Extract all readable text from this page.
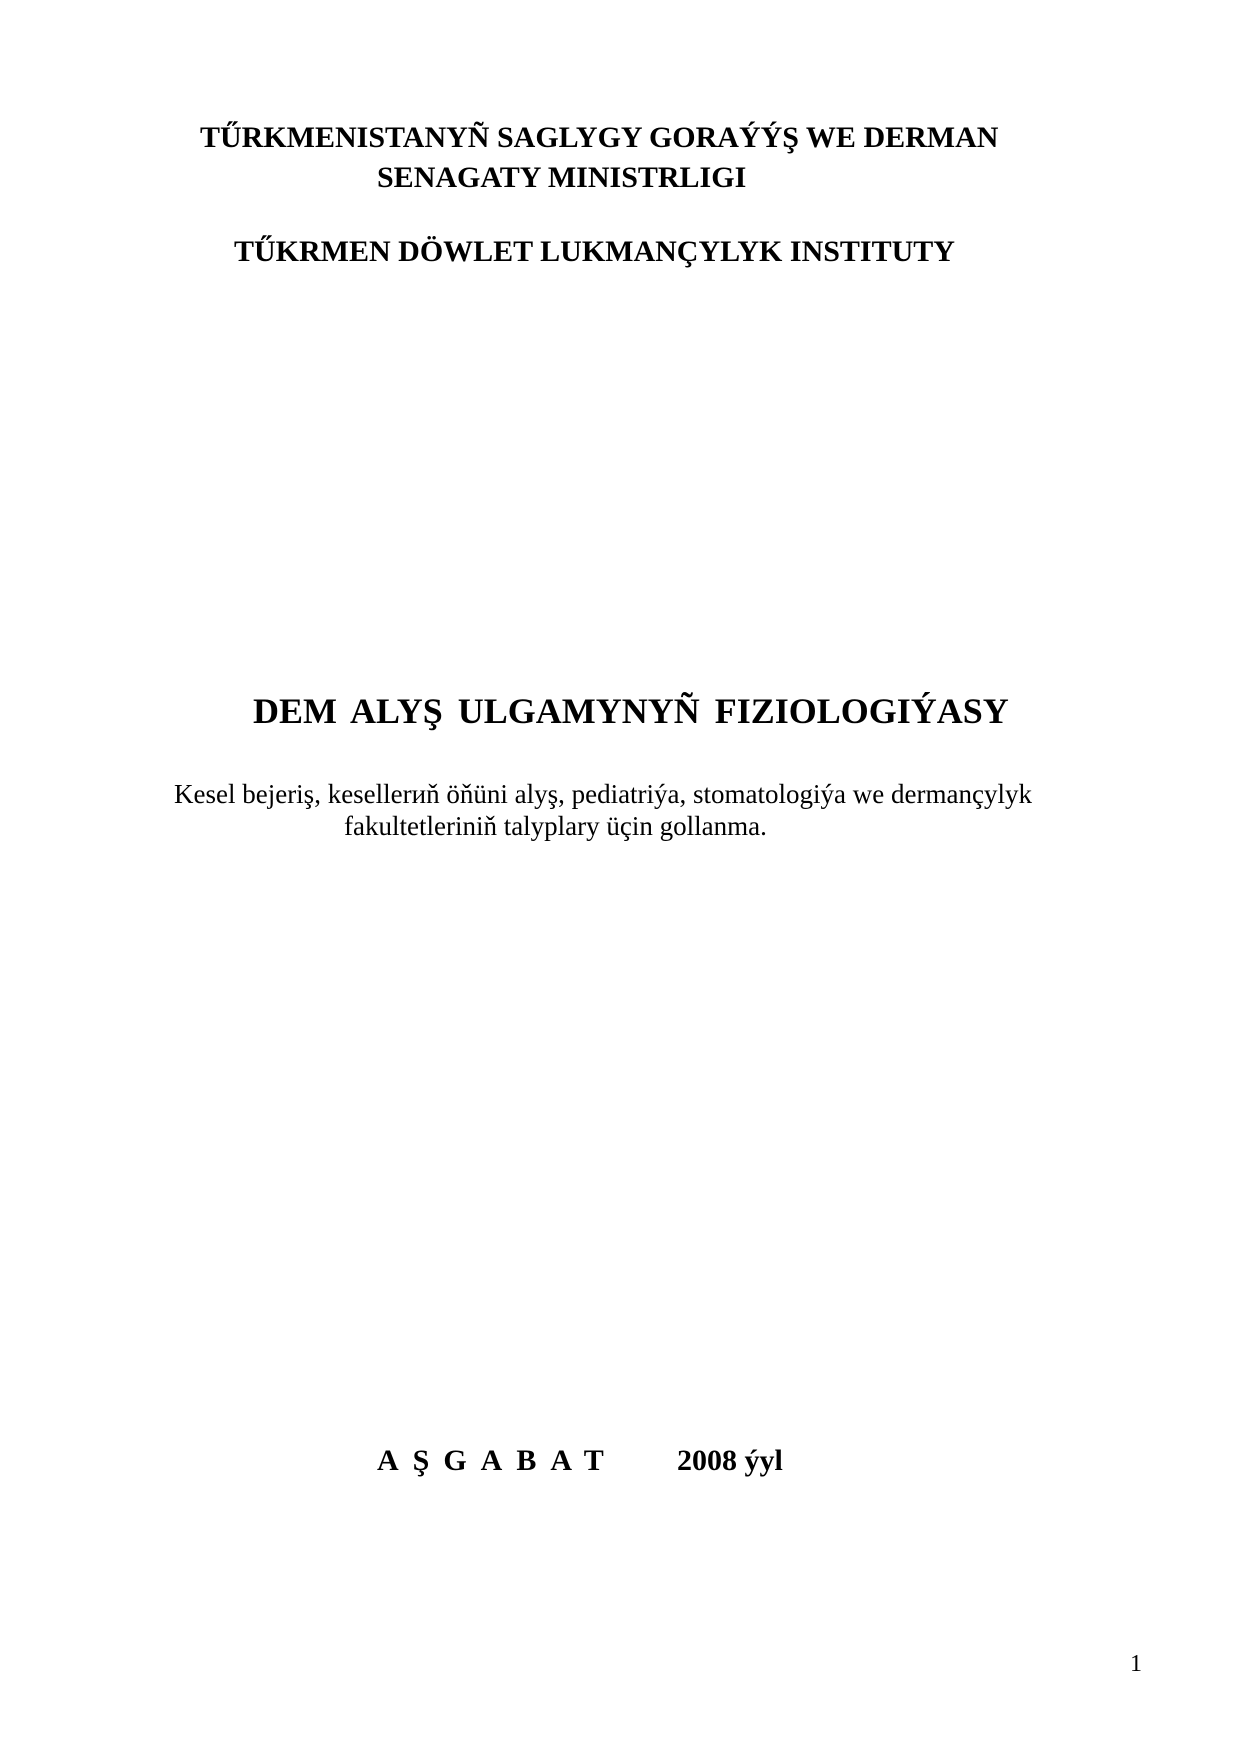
TŰRKMENISTANYÑ SAGLYGY GORAÝÝŞ WE DERMAN
SENAGATY MINISTRLIGI
TŰKRMEN DÖWLET LUKMANÇYLYK INSTITUTY
DEM ALYŞ ULGAMYNYÑ FIZIOLOGIÝASY
Kesel bejeriş, kesellerиň öňüni alyş, pediatriýa, stomatologiýa we dermançylyk
fakultetleriniň talyplary üçin gollanma.
AŞGABAT 2008 ýyl
1
